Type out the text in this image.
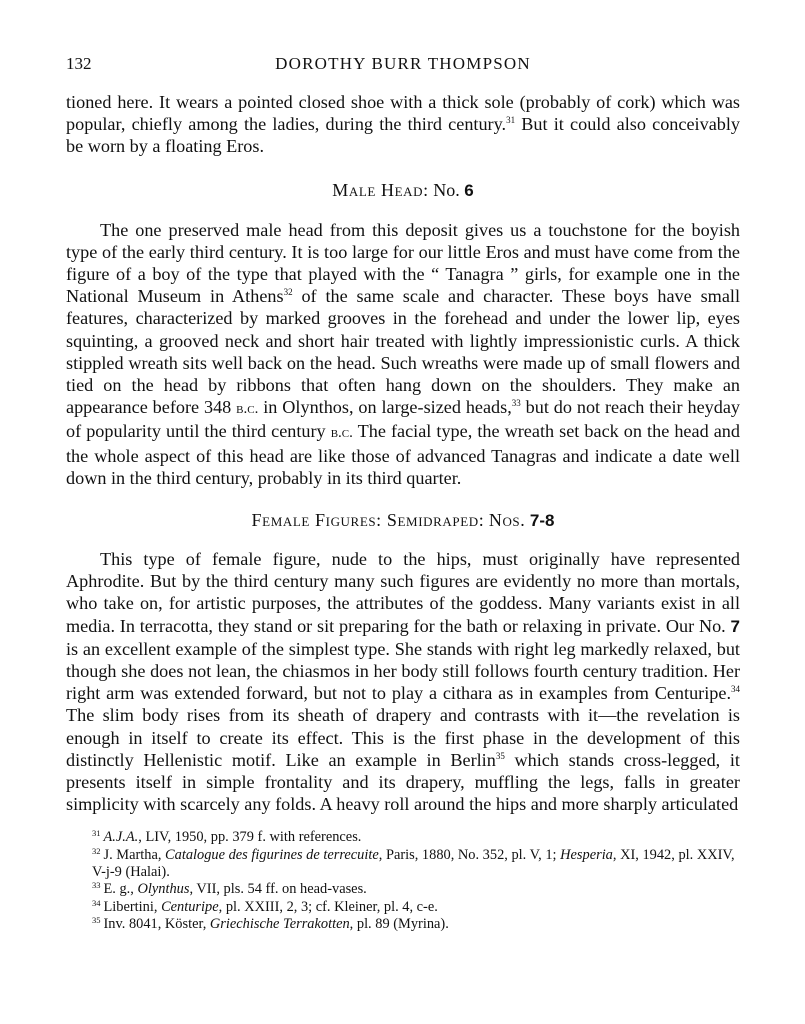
132	DOROTHY BURR THOMPSON

tioned here. It wears a pointed closed shoe with a thick sole (probably of cork) which was popular, chiefly among the ladies, during the third century.$^{31}$ But it could also conceivably be worn by a floating Eros.

Male Head: No. 6

The one preserved male head from this deposit gives us a touchstone for the boyish type of the early third century. It is too large for our little Eros and must have come from the figure of a boy of the type that played with the “ Tanagra ” girls, for example one in the National Museum in Athens$^{32}$ of the same scale and character. These boys have small features, characterized by marked grooves in the forehead and under the lower lip, eyes squinting, a grooved neck and short hair treated with lightly impressionistic curls. A thick stippled wreath sits well back on the head. Such wreaths were made up of small flowers and tied on the head by ribbons that often hang down on the shoulders. They make an appearance before 348 b.c. in Olynthos, on large-sized heads,$^{33}$ but do not reach their heyday of popularity until the third century b.c. The facial type, the wreath set back on the head and the whole aspect of this head are like those of advanced Tanagras and indicate a date well down in the third century, probably in its third quarter.

Female Figures: Semidraped: Nos. 7-8

This type of female figure, nude to the hips, must originally have represented Aphrodite. But by the third century many such figures are evidently no more than mortals, who take on, for artistic purposes, the attributes of the goddess. Many variants exist in all media. In terracotta, they stand or sit preparing for the bath or relaxing in private. Our No. 7 is an excellent example of the simplest type. She stands with right leg markedly relaxed, but though she does not lean, the chiasmos in her body still follows fourth century tradition. Her right arm was extended forward, but not to play a cithara as in examples from Centuripe.$^{34}$ The slim body rises from its sheath of drapery and contrasts with it—the revelation is enough in itself to create its effect. This is the first phase in the development of this distinctly Hellenistic motif. Like an example in Berlin$^{35}$ which stands cross-legged, it presents itself in simple frontality and its drapery, muffling the legs, falls in greater simplicity with scarcely any folds. A heavy roll around the hips and more sharply articulated

$^{31}$ A.J.A., LIV, 1950, pp. 379 f. with references.

$^{32}$ J. Martha, Catalogue des figurines de terrecuite, Paris, 1880, No. 352, pl. V, 1; Hesperia, XI, 1942, pl. XXIV, V-j-9 (Halai).

$^{33}$ E. g., Olynthus, VII, pls. 54 ff. on head-vases.

$^{34}$ Libertini, Centuripe, pl. XXIII, 2, 3; cf. Kleiner, pl. 4, c-e.

$^{35}$ Inv. 8041, Köster, Griechische Terrakotten, pl. 89 (Myrina).
